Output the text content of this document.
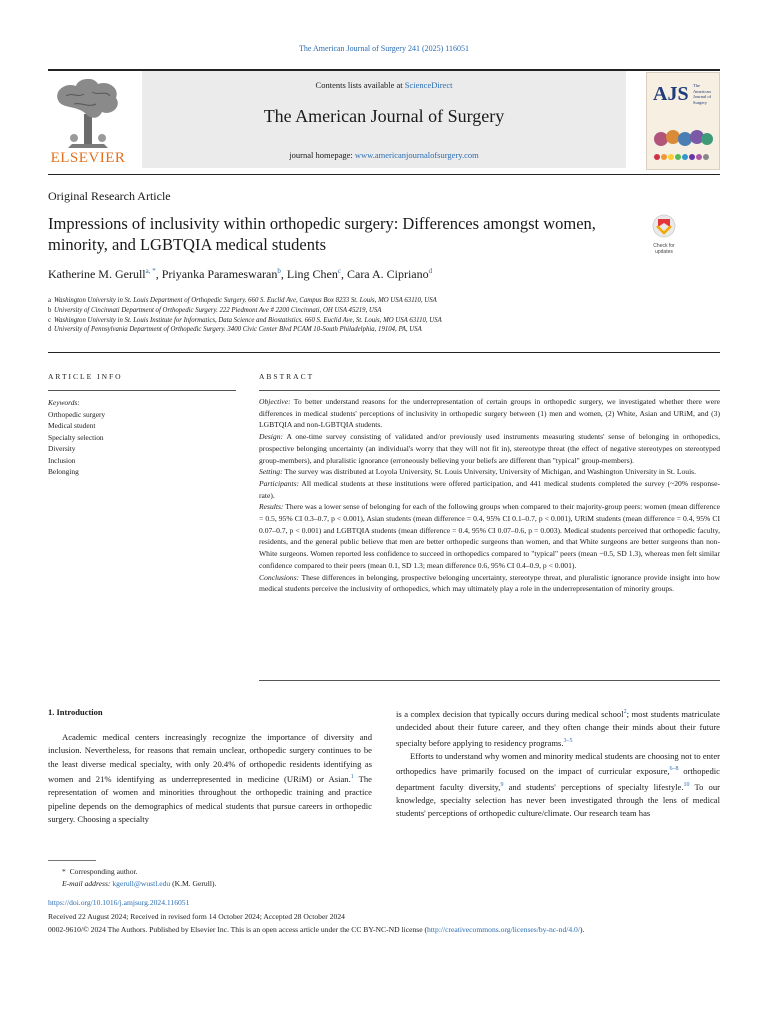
The American Journal of Surgery 241 (2025) 116051
ELSEVIER
Contents lists available at ScienceDirect
The American Journal of Surgery
journal homepage: www.americanjournalofsurgery.com
AJS The American Journal of Surgery
Original Research Article
Impressions of inclusivity within orthopedic surgery: Differences amongst women, minority, and LGBTQIA medical students	Check for
updates
Katherine M. Gerull$^{a, *}$, Priyanka Parameswaran$^b$, Ling Chen$^c$, Cara A. Cipriano$^d$
a Washington University in St. Louis Department of Orthopedic Surgery. 660 S. Euclid Ave, Campus Box 8233 St. Louis, MO USA 63110, USA
b University of Cincinnati Department of Orthopedic Surgery. 222 Piedmont Ave # 2200 Cincinnati, OH USA 45219, USA
c Washington University in St. Louis Institute for Informatics, Data Science and Biostatistics. 660 S. Euclid Ave, St. Louis, MO USA 63110, USA
d University of Pennsylvania Department of Orthopedic Surgery. 3400 Civic Center Blvd PCAM 10-South Philadelphia, 19104, PA, USA
ARTICLE INFO	ABSTRACT
Keywords:
Orthopedic surgery
Medical student
Specialty selection
Diversity
Inclusion
Belonging
Objective: To better understand reasons for the underrepresentation of certain groups in orthopedic surgery, we investigated whether there were differences in medical students' perceptions of inclusivity in orthopedic surgery between (1) men and women, (2) White, Asian and URiM, and (3) LGBTQIA and non-LGBTQIA students.
Design: A one-time survey consisting of validated and/or previously used instruments measuring students' sense of belonging in orthopedics, prospective belonging uncertainty (an individual's worry that they will not fit in), stereotype threat (the effect of negative stereotypes on stereotyped group-members), and pluralistic ignorance (erroneously believing your beliefs are different than "typical" group-members).
Setting: The survey was distributed at Loyola University, St. Louis University, University of Michigan, and Washington University in St. Louis.
Participants: All medical students at these institutions were offered participation, and 441 medical students completed the survey (~20% response-rate).
Results: There was a lower sense of belonging for each of the following groups when compared to their majority-group peers: women (mean difference = 0.5, 95% CI 0.3–0.7, p < 0.001), Asian students (mean difference = 0.4, 95% CI 0.1–0.7, p < 0.001), URiM students (mean difference = 0.4, 95% CI 0.07–0.7, p < 0.001) and LGBTQIA students (mean difference = 0.4, 95% CI 0.07–0.6, p = 0.003). Medical students perceived that orthopedic faculty, residents, and the general public believe that men are better orthopedic surgeons than women, and that White surgeons are better surgeons than non-White surgeons. Women reported less confidence to succeed in orthopedics compared to "typical" peers (mean −0.5, SD 1.3), whereas men felt similar confidence compared to their peers (mean 0.1, SD 1.3; mean difference 0.6, 95% CI 0.4–0.9, p < 0.001).
Conclusions: These differences in belonging, prospective belonging uncertainty, stereotype threat, and pluralistic ignorance provide insight into how medical students perceive the inclusivity of orthopedics, which may ultimately play a role in the underrepresentation of minority groups.
1. Introduction
Academic medical centers increasingly recognize the importance of diversity and inclusion. Nevertheless, for reasons that remain unclear, orthopedic surgery continues to be the least diverse medical specialty, with only 20.4% of orthopedic residents identifying as women and 21% identifying as underrepresented in medicine (URiM) or Asian.$^1$ The representation of women and minorities throughout the orthopedic training and practice pipeline depends on the demographics of medical students that pursue careers in orthopedic surgery. Choosing a specialty

is a complex decision that typically occurs during medical school$^2$; most students matriculate undecided about their future career, and they often change their minds about their future specialty before applying to residency programs.$^{3-5}$

Efforts to understand why women and minority medical students are choosing not to enter orthopedics have primarily focused on the impact of curricular exposure,$^{6-8}$ orthopedic department faculty diversity,$^9$ and students' perceptions of specialty lifestyle.$^{10}$ To our knowledge, specialty selection has never been investigated through the lens of medical students' perceptions of orthopedic culture/climate. Our research team has

* Corresponding author.
E-mail address: kgerull@wustl.edu (K.M. Gerull).
https://doi.org/10.1016/j.amjsurg.2024.116051
Received 22 August 2024; Received in revised form 14 October 2024; Accepted 28 October 2024
0002-9610/© 2024 The Authors. Published by Elsevier Inc. This is an open access article under the CC BY-NC-ND license (http://creativecommons.org/licenses/by-nc-nd/4.0/).
